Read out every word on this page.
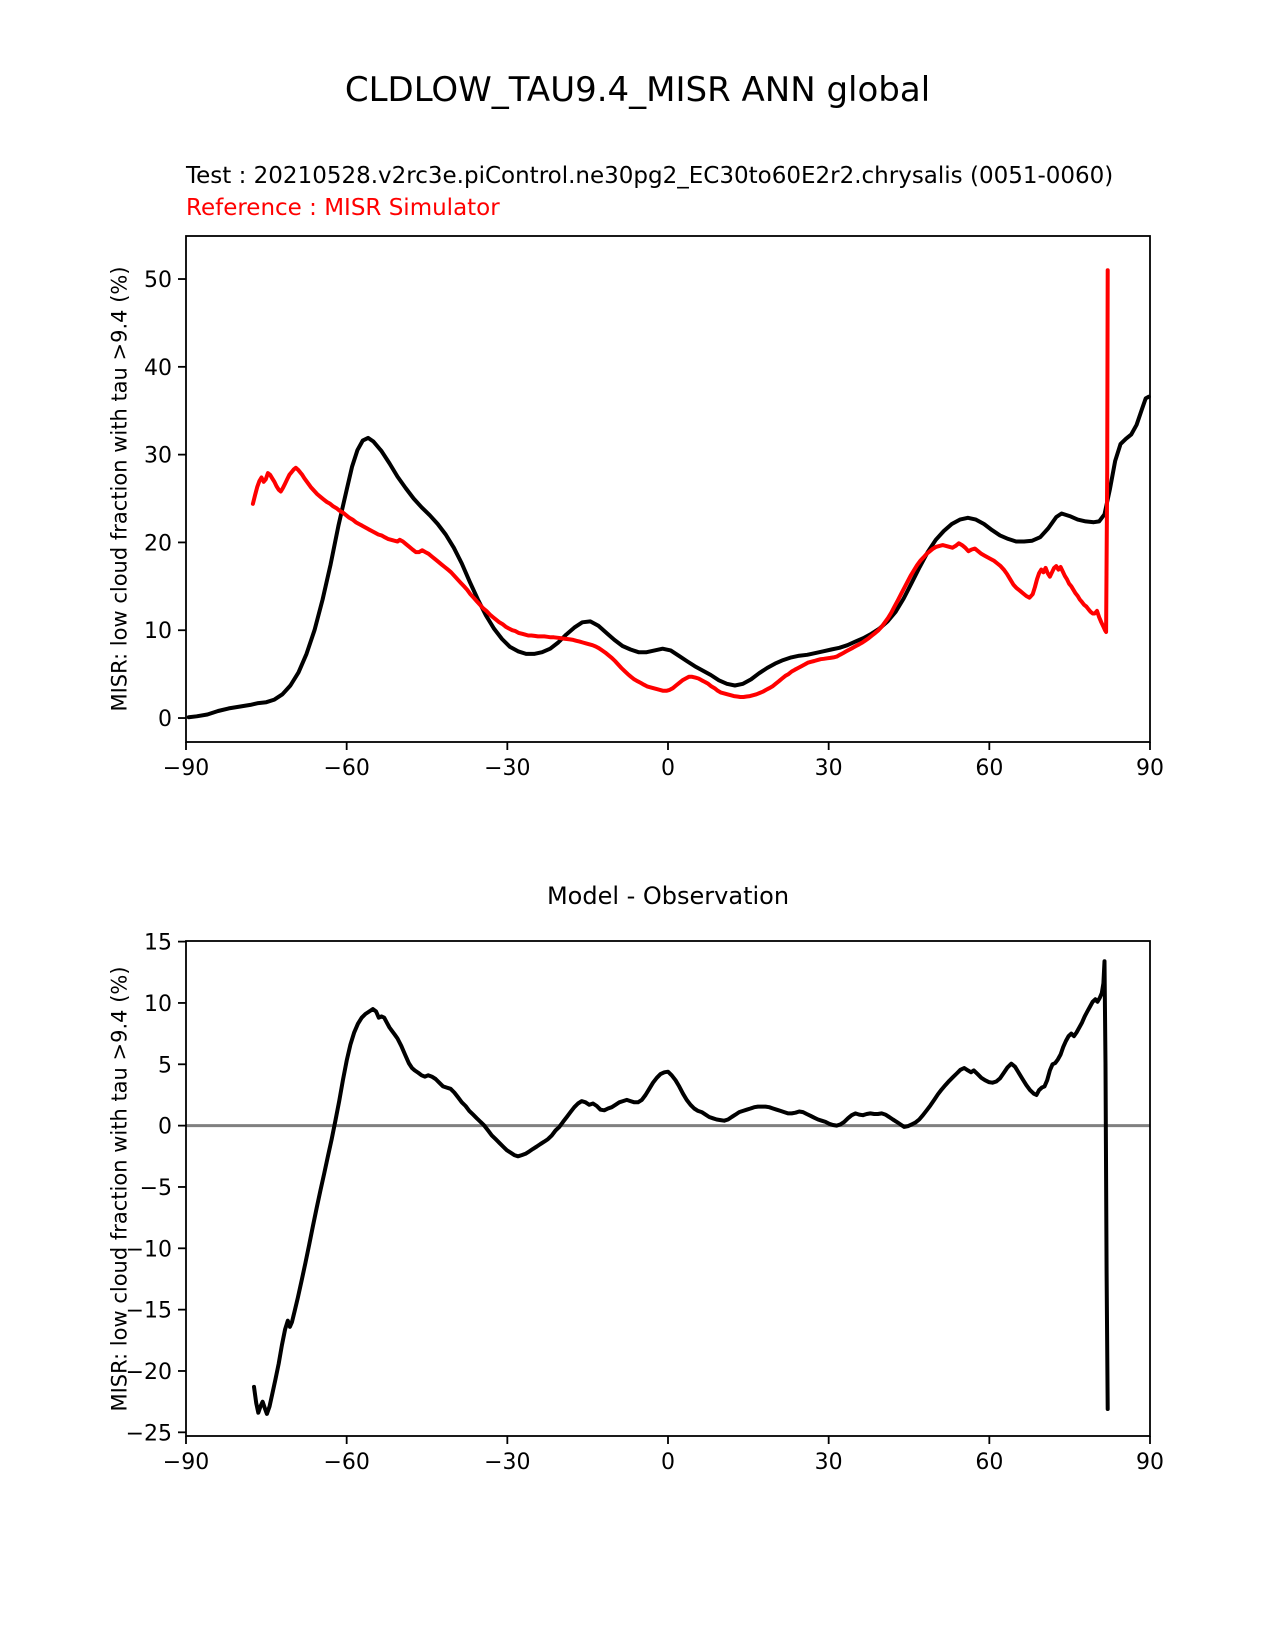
CLDLOW_TAU9.4_MISR ANN global
Test : 20210528.v2rc3e.piControl.ne30pg2_EC30to60E2r2.chrysalis (0051-0060)
Reference : MISR Simulator
MISR: low cloud fraction with tau >9.4 (%)
Model - Observation
MISR: low cloud fraction with tau >9.4 (%)
−90	−60	−30	0	30	60	90
0
10
20
30
40
50
−90	−60	−30	0	30	60	90
15
10
5
0
−5
−10
−15
−20
−25
